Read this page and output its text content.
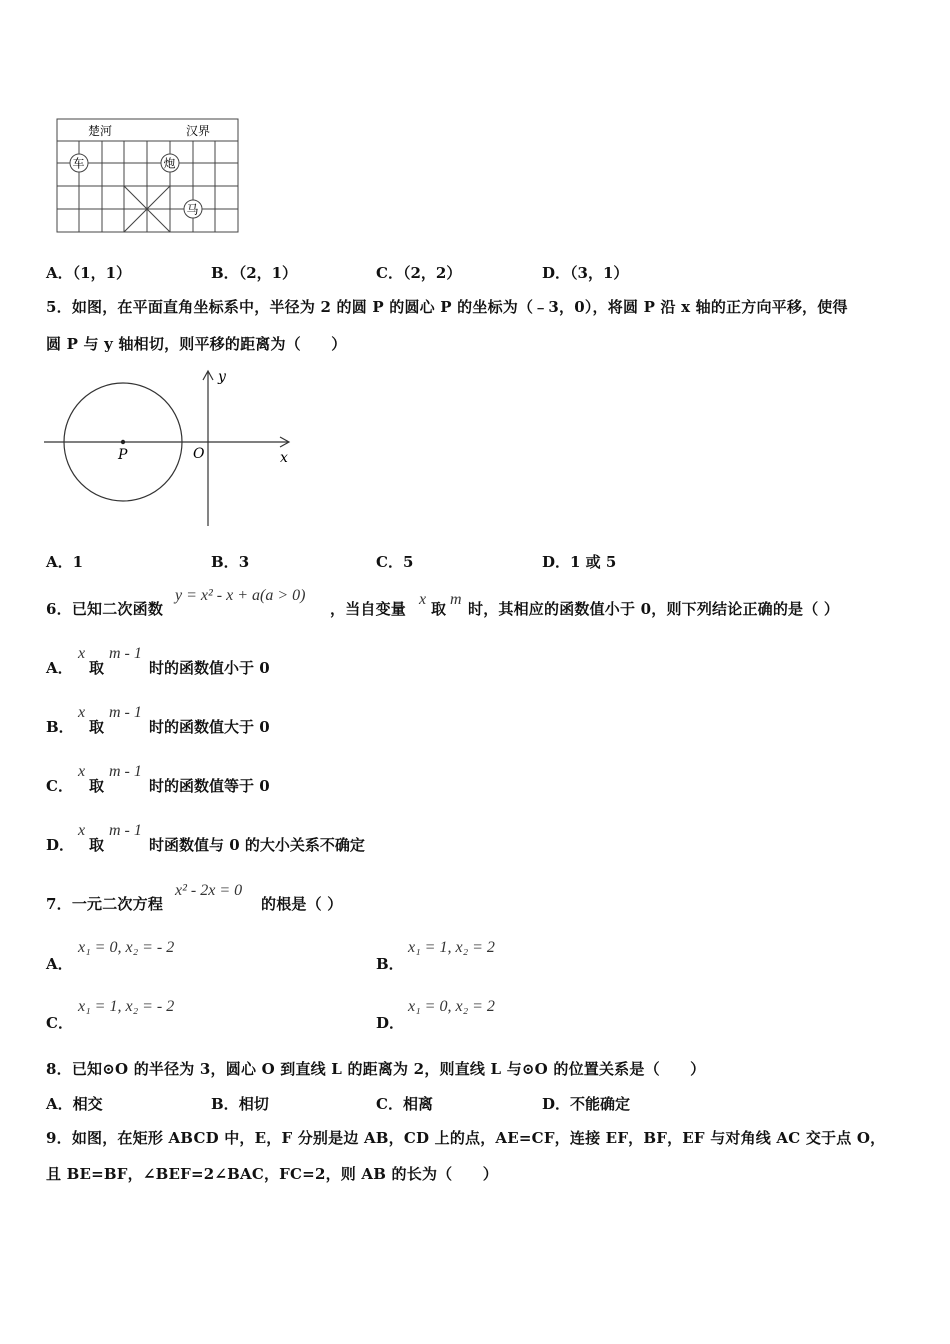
楚河	汉界
车	炮
马
A．（1，1）	B．（2，1）	C．（2，2）	D．（3，1）
5．如图，在平面直角坐标系中，半径为 2 的圆 P 的圆心 P 的坐标为（﹣3，0），将圆 P 沿 x 轴的正方向平移，使得
圆 P 与 y 轴相切，则平移的距离为（　　）
y
x
O
P
A．1	B．3	C．5	D．1 或 5
6．已知二次函数
y = x² - x + a(a > 0)
，当自变量
x
取
m
时，其相应的函数值小于 0，则下列结论正确的是（ ）
A．
x
取
m - 1
时的函数值小于 0
B．
x
取
m - 1
时的函数值大于 0
C．
x
取
m - 1
时的函数值等于 0
D．
x
取
m - 1
时函数值与 0 的大小关系不确定
7．一元二次方程
x² - 2x = 0
的根是（ ）
A．
x₁ = 0, x₂ = - 2
B．
x₁ = 1, x₂ = 2
C．
x₁ = 1, x₂ = - 2
D．
x₁ = 0, x₂ = 2
8．已知⊙O 的半径为 3，圆心 O 到直线 L 的距离为 2，则直线 L 与⊙O 的位置关系是（　　）
A．相交	B．相切	C．相离	D．不能确定
9．如图，在矩形 ABCD 中，E，F 分别是边 AB，CD 上的点，AE=CF，连接 EF，BF，EF 与对角线 AC 交于点 O，
且 BE=BF，∠BEF=2∠BAC，FC=2，则 AB 的长为（　　）
